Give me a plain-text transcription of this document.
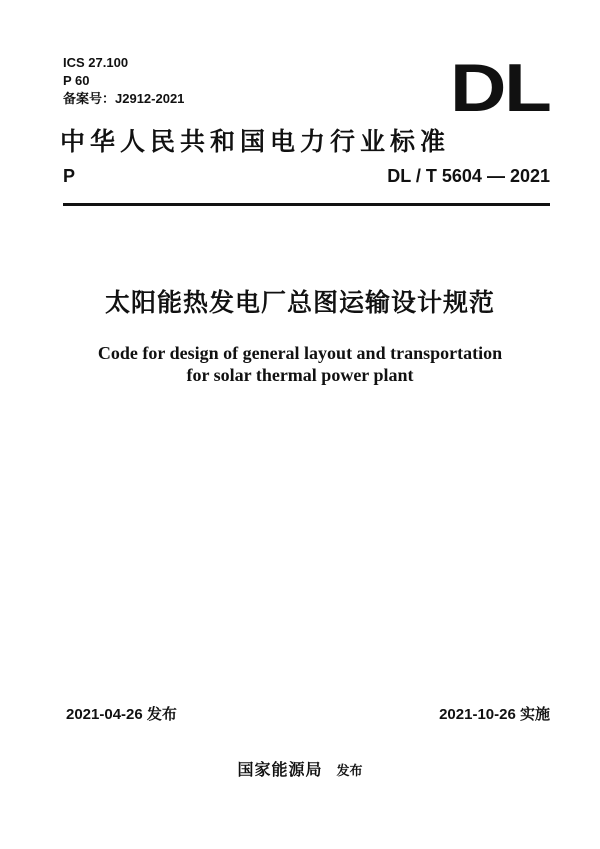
ICS 27.100
P 60
备案号：J2912-2021	DL
中华人民共和国电力行业标准
P	DL / T 5604 — 2021
太阳能热发电厂总图运输设计规范
Code for design of general layout and transportation
for solar thermal power plant
2021-04-26 发布	2021-10-26 实施
国家能源局 发布
